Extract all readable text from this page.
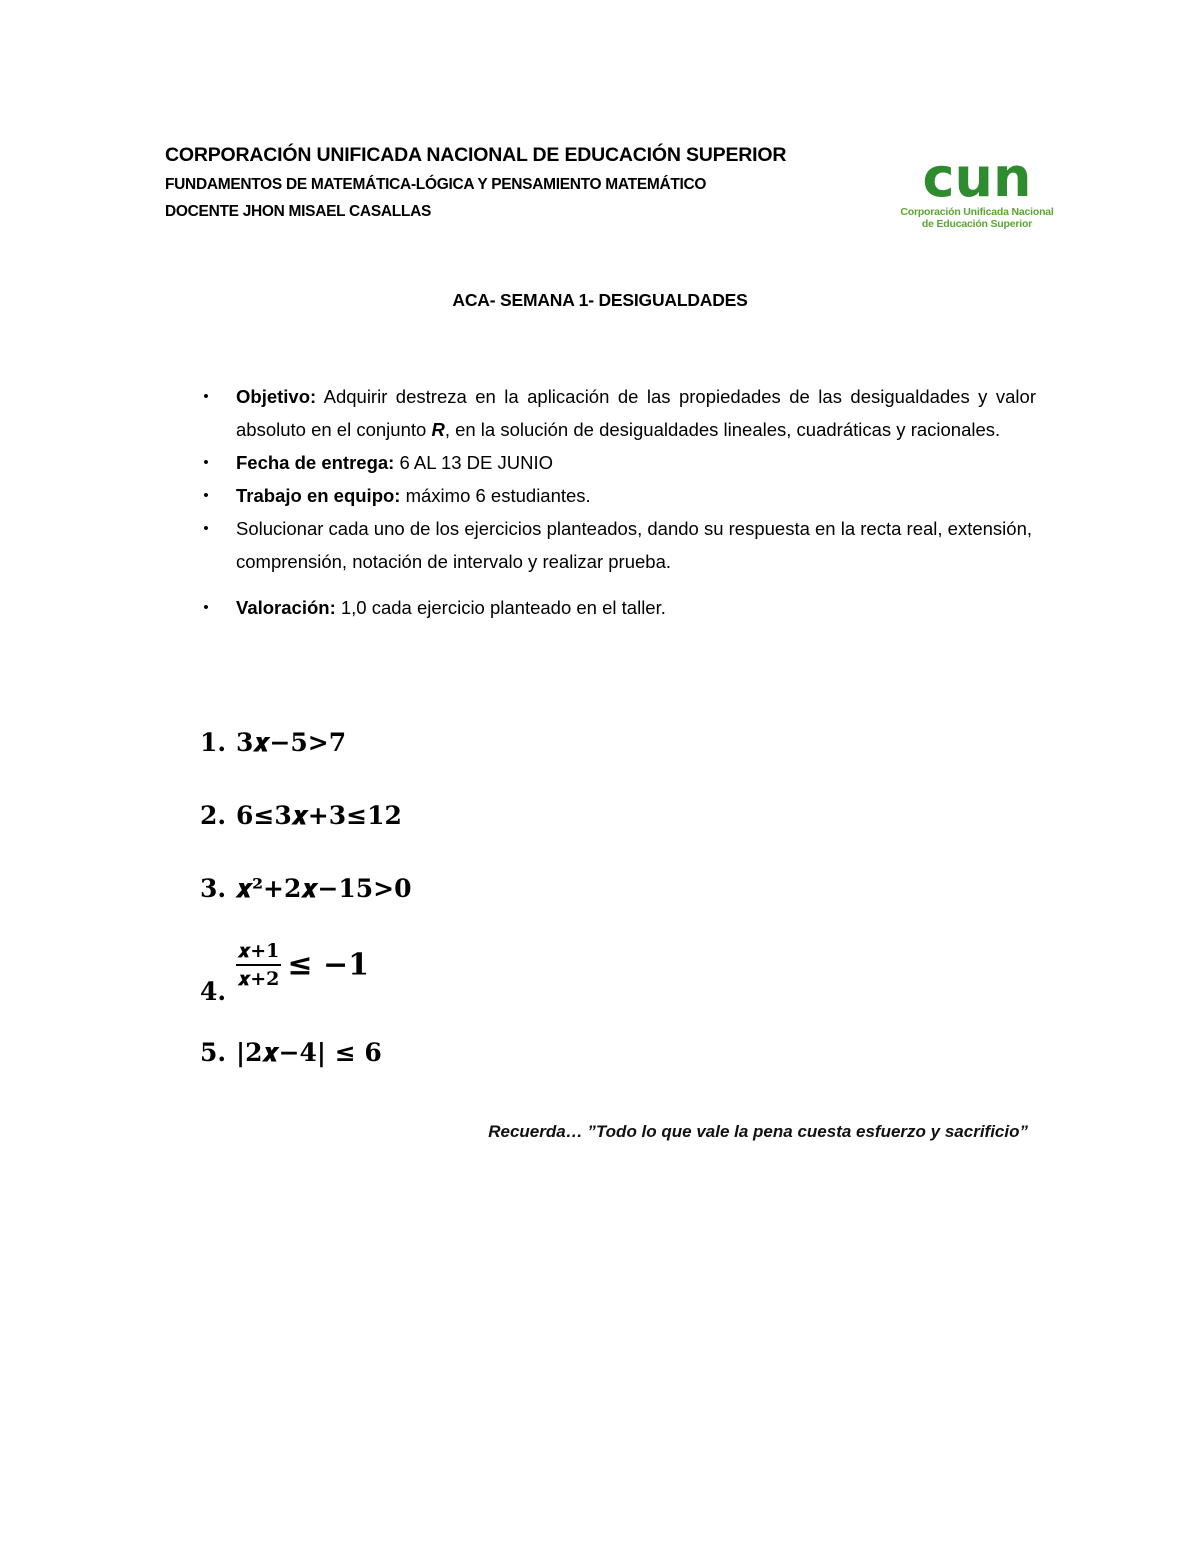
CORPORACIÓN UNIFICADA NACIONAL DE EDUCACIÓN SUPERIOR
FUNDAMENTOS DE MATEMÁTICA-LÓGICA Y PENSAMIENTO MATEMÁTICO
DOCENTE JHON MISAEL CASALLAS
cun
Corporación Unificada Nacional
de Educación Superior
ACA- SEMANA 1- DESIGUALDADES
• Objetivo: Adquirir destreza en la aplicación de las propiedades de las desigualdades y valor absoluto en el conjunto R, en la solución de desigualdades lineales, cuadráticas y racionales.
• Fecha de entrega: 6 AL 13 DE JUNIO
• Trabajo en equipo: máximo 6 estudiantes.
• Solucionar cada uno de los ejercicios planteados, dando su respuesta en la recta real, extensión, comprensión, notación de intervalo y realizar prueba.
• Valoración: 1,0 cada ejercicio planteado en el taller.
1. 3𝒙−5>7
2. 6≤3𝒙+3≤12
3. 𝒙²+2𝒙−15>0
4.
$\frac{\text{𝒙+1}}{\text{𝒙+2}} \le -1$
5. |2𝒙−4| ≤ 6
Recuerda… ”Todo lo que vale la pena cuesta esfuerzo y sacrificio”
